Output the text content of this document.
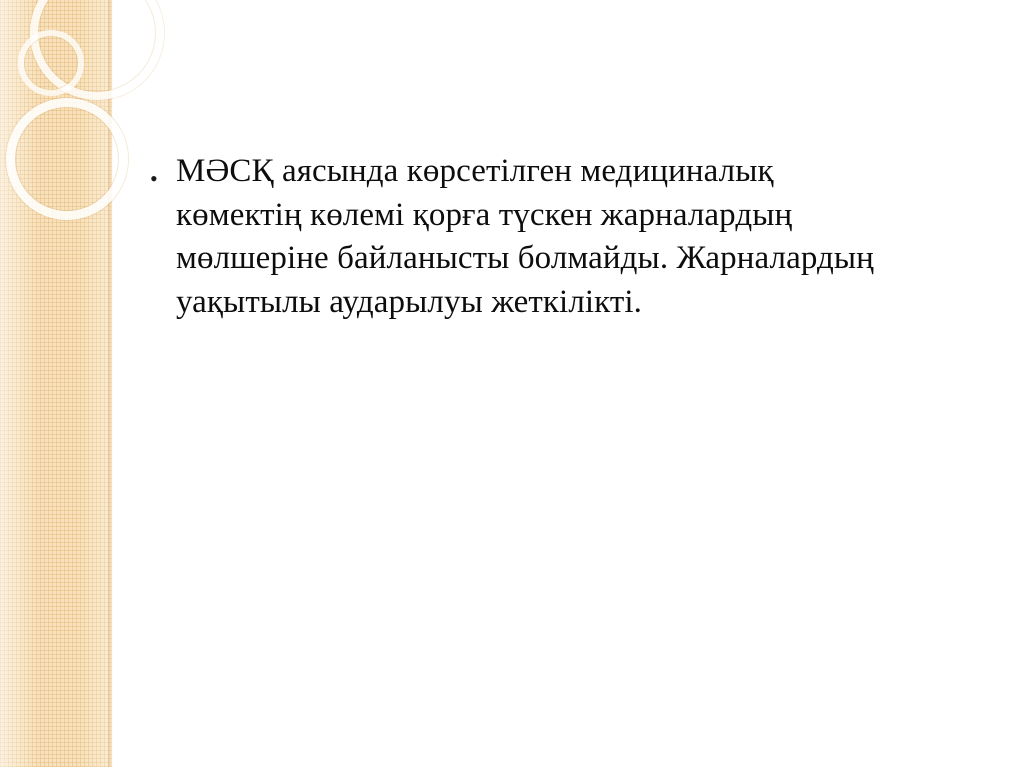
• МӘСҚ аясында көрсетілген медициналық көмектің көлемі қорға түскен жарналардың мөлшеріне байланысты болмайды. Жарналардың уақытылы аударылуы жеткілікті.
